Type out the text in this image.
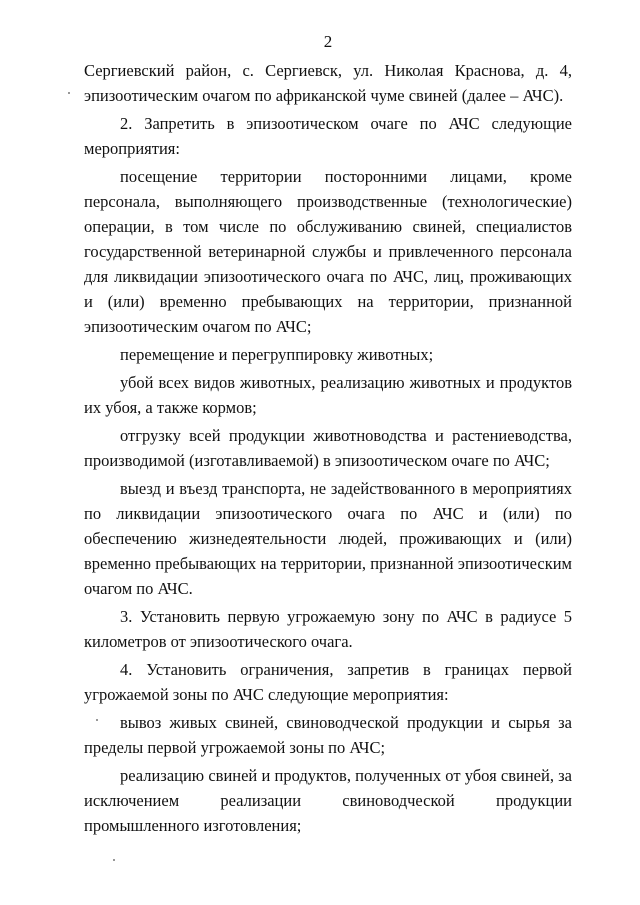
2

Сергиевский район, с. Сергиевск, ул. Николая Краснова, д. 4, эпизоотическим очагом по африканской чуме свиней (далее – АЧС).

2. Запретить в эпизоотическом очаге по АЧС следующие мероприятия:

посещение территории посторонними лицами, кроме персонала, выполняющего производственные (технологические) операции, в том числе по обслуживанию свиней, специалистов государственной ветеринарной службы и привлеченного персонала для ликвидации эпизоотического очага по АЧС, лиц, проживающих и (или) временно пребывающих на территории, признанной эпизоотическим очагом по АЧС;

перемещение и перегруппировку животных;

убой всех видов животных, реализацию животных и продуктов их убоя, а также кормов;

отгрузку всей продукции животноводства и растениеводства, производимой (изготавливаемой) в эпизоотическом очаге по АЧС;

выезд и въезд транспорта, не задействованного в мероприятиях по ликвидации эпизоотического очага по АЧС и (или) по обеспечению жизнедеятельности людей, проживающих и (или) временно пребывающих на территории, признанной эпизоотическим очагом по АЧС.

3. Установить первую угрожаемую зону по АЧС в радиусе 5 километров от эпизоотического очага.

4. Установить ограничения, запретив в границах первой угрожаемой зоны по АЧС следующие мероприятия:

вывоз живых свиней, свиноводческой продукции и сырья за пределы первой угрожаемой зоны по АЧС;

реализацию свиней и продуктов, полученных от убоя свиней, за исключением реализации свиноводческой продукции промышленного изготовления;
